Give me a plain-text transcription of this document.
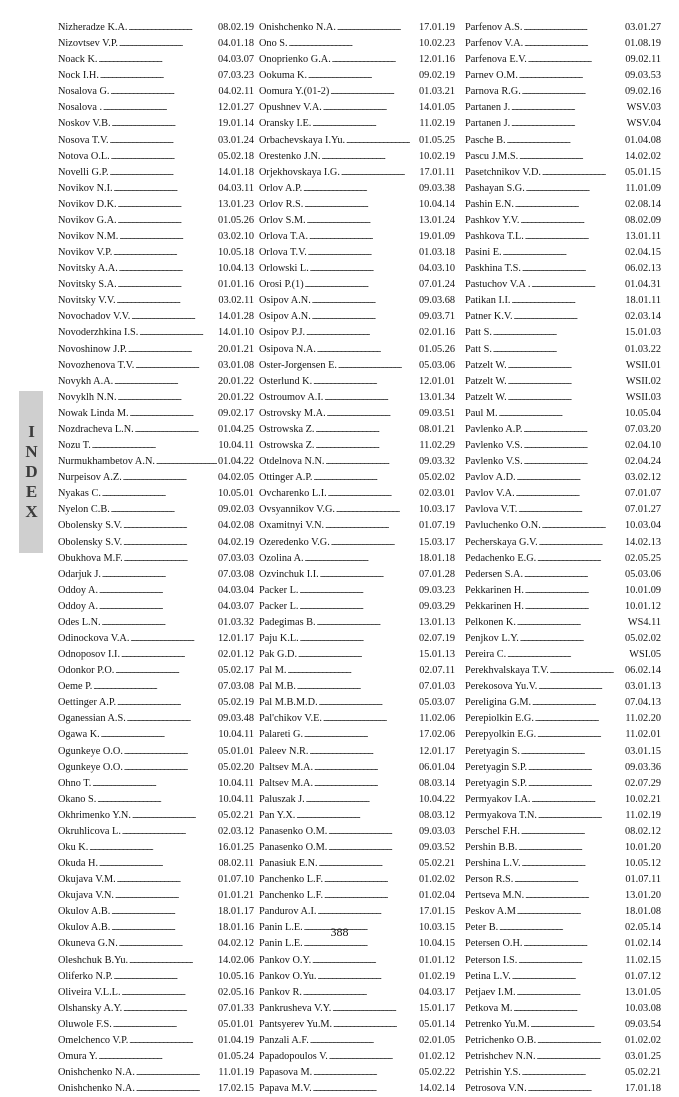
Nizheradze K.A. . . .	08.02.19
Nizovtsev V.P. . . .	04.01.18
Noack K. . . .	04.03.07
Nock I.H. . . .	07.03.23
Nosalova G. . . .	04.02.11
Nosalova . . . .	12.01.27
Noskov V.B. . . .	19.01.14
Nosova T.V. . . .	03.01.24
Notova O.L. . . .	05.02.18
Novelli G.P. . . .	14.01.18
Novikov N.I. . . .	04.03.11
Novikov D.K. . . .	13.01.23
Novikov G.A. . . .	01.05.26
Novikov N.M. . . .	03.02.10
Novikov V.P. . . .	10.05.18
Novitsky A.A. . . .	10.04.13
Novitsky S.A. . . .	01.01.16
Novitsky V.V. . . .	03.02.11
Novochadov V.V. . . .	14.01.28
Novoderzhkina I.S. . . .	14.01.10
Novoshinow J.P. . . .	20.01.21
Novozhenova T.V. . . .	03.01.08
Novykh A.A. . . .	20.01.22
Novyklh N.N. . . .	20.01.22
Nowak Linda M. . . .	09.02.17
Nozdracheva L.N. . . .	01.04.25
Nozu T. . . .	10.04.11
Nurmukhambetov A.N. . . .	01.04.22
Nurpeisov A.Z. . . .	04.02.05
Nyakas C. . . .	10.05.01
Nyelon C.B. . . .	09.02.03
Obolensky S.V. . . .	04.02.08
Obolensky S.V. . . .	04.02.19
Obukhova M.F. . . .	07.03.03
Odarjuk J. . . .	07.03.08
Oddoy A. . . .	04.03.04
Oddoy A. . . .	04.03.07
Odes L.N. . . .	01.03.32
Odinockova V.A. . . .	12.01.17
Odnoposov I.I. . . .	02.01.12
Odonkor P.O. . . .	05.02.17
Oeme P. . . .	07.03.08
Oettinger A.P. . . .	05.02.19
Oganessian A.S. . . .	09.03.48
Ogawa K. . . .	10.04.11
Ogunkeye O.O. . . .	05.01.01
Ogunkeye O.O. . . .	05.02.20
Ohno T. . . .	10.04.11
Okano S. . . .	10.04.11
Okhrimenko Y.N. . . .	05.02.21
Okruhlicova L. . . .	02.03.12
Oku K. . . .	16.01.25
Okuda H. . . .	08.02.11
Okujava V.M. . . .	01.07.10
Okujava V.N. . . .	01.01.21
Okulov A.B. . . .	18.01.17
Okulov A.B. . . .	18.01.16
Okuneva G.N. . . .	04.02.12
Oleshchuk B.Yu. . . .	14.02.06
Oliferko N.P. . . .	10.05.16
Oliveira V.L.L. . . .	02.05.16
Olshansky A.Y. . . .	07.01.33
Oluwole F.S. . . .	05.01.01
Omelchenco V.P. . . .	01.04.19
Omura Y. . . .	01.05.24
Onishchenko N.A. . . .	11.01.19
Onishchenko N.A. . . .	17.02.15
Onishchenko N.A. . . .	17.01.19
Ono S. . . .	10.02.23
Onoprienko G.A. . . .	12.01.16
Ookuma K. . . .	09.02.19
Oomura Y.(01-2) . . .	01.03.21
Opushnev V.A. . . .	14.01.05
Oransky I.E. . . .	11.02.19
Orbachevskaya I.Yu. . . .	01.05.25
Orestenko J.N. . . .	10.02.19
Orjekhovskaya I.G. . . .	17.01.11
Orlov A.P. . . .	09.03.38
Orlov R.S. . . .	10.04.14
Orlov S.M. . . .	13.01.24
Orlova T.A. . . .	19.01.09
Orlova T.V. . . .	01.03.18
Orlowski L. . . .	04.03.10
Orosi P.(1) . . .	07.01.24
Osipov A.N. . . .	09.03.68
Osipov A.N. . . .	09.03.71
Osipov P.J. . . .	02.01.16
Osipova N.A. . . .	01.05.26
Oster-Jorgensen E. . . .	05.03.06
Osterlund K. . . .	12.01.01
Ostroumov A.I. . . .	13.01.34
Ostrovsky M.A. . . .	09.03.51
Ostrowska Z. . . .	08.01.21
Ostrowska Z. . . .	11.02.29
Otdelnova N.N. . . .	09.03.32
Ottinger A.P. . . .	05.02.02
Ovcharenko L.I. . . .	02.03.01
Ovsyannikov V.G. . . .	10.03.17
Oxamitnyi V.N. . . .	01.07.19
Ozeredenko V.G. . . .	15.03.17
Ozolina A. . . .	18.01.18
Ozvinchuk I.I. . . .	07.01.28
Packer L. . . .	09.03.23
Packer L. . . .	09.03.29
Padegimas B. . . .	13.01.13
Paju K.L. . . .	02.07.19
Pak G.D. . . .	15.01.13
Pal M. . . .	02.07.11
Pal M.B. . . .	07.01.03
Pal M.B.M.D. . . .	05.03.07
Pal'chikov V.E. . . .	11.02.06
Palareti G. . . .	17.02.06
Paleev N.R. . . .	12.01.17
Paltsev M.A. . . .	06.01.04
Paltsev M.A. . . .	08.03.14
Paluszak J. . . .	10.04.22
Pan Y.X. . . .	08.03.12
Panasenko O.M. . . .	09.03.03
Panasenko O.M. . . .	09.03.52
Panasiuk E.N. . . .	05.02.21
Panchenko L.F. . . .	01.02.02
Panchenko L.F. . . .	01.02.04
Pandurov A.I. . . .	17.01.15
Panin L.E. . . .	10.03.15
Panin L.E. . . .	10.04.15
Pankov O.Y. . . .	01.01.12
Pankov O.Yu. . . .	01.02.19
Pankov R. . . .	04.03.17
Pankrusheva V.Y. . . .	15.01.17
Pantsyerev Yu.M. . . .	05.01.14
Panzali A.F. . . .	02.01.05
Papadopoulos V. . . .	01.02.12
Papasova M. . . .	05.02.22
Papava M.V. . . .	14.02.14
Parfenov A.S. . . .	03.01.27
Parfenov V.A. . . .	01.08.19
Parfenova E.V. . . .	09.02.11
Parnev O.M. . . .	09.03.53
Parnova R.G. . . .	09.02.16
Partanen J. . . .	WSV.03
Partanen J. . . .	WSV.04
Pasche B. . . .	01.04.08
Pascu J.M.S. . . .	14.02.02
Pasetchnikov V.D. . . .	05.01.15
Pashayan S.G. . . .	11.01.09
Pashin E.N. . . .	02.08.14
Pashkov Y.V. . . .	08.02.09
Pashkova T.L. . . .	13.01.11
Pasini E. . . .	02.04.15
Paskhina T.S. . . .	06.02.13
Pastuchov V.A . . . .	01.04.31
Patikan I.I. . . .	18.01.11
Patner K.V. . . .	02.03.14
Patt S. . . .	15.01.03
Patt S. . . .	01.03.22
Patzelt W. . . .	WSII.01
Patzelt W. . . .	WSII.02
Patzelt W. . . .	WSII.03
Paul M. . . .	10.05.04
Pavlenko A.P. . . .	07.03.20
Pavlenko V.S. . . .	02.04.10
Pavlenko V.S. . . .	02.04.24
Pavlov A.D. . . .	03.02.12
Pavlov V.A. . . .	07.01.07
Pavlova V.T. . . .	07.01.27
Pavluchenko O.N. . . .	10.03.04
Pecherskaya G.V. . . .	14.02.13
Pedachenko E.G. . . .	02.05.25
Pedersen S.A. . . .	05.03.06
Pekkarinen H. . . .	10.01.09
Pekkarinen H. . . .	10.01.12
Pelkonen K. . . .	WS4.11
Penjkov L.Y. . . .	05.02.02
Pereira C. . . .	WSI.05
Perekhvalskaya T.V. . . .	06.02.14
Perekosova Yu.V. . . .	03.01.13
Pereligina G.M. . . .	07.04.13
Perepiolkin E.G. . . .	11.02.20
Perepyolkin E.G. . . .	11.02.01
Peretyagin S. . . .	03.01.15
Peretyagin S.P. . . .	09.03.36
Peretyagin S.P. . . .	02.07.29
Permyakov I.A. . . .	10.02.21
Permyakova T.N. . . .	11.02.19
Perschel F.H. . . .	08.02.12
Pershin B.B. . . .	10.01.20
Pershina L.V. . . .	10.05.12
Person R.S. . . .	01.07.11
Pertseva M.N. . . .	13.01.20
Peskov A.M . . .	18.01.08
Peter B. . . .	02.05.14
Petersen O.H. . . .	01.02.14
Peterson I.S. . . .	11.02.15
Petina L.V. . . .	01.07.12
Petjaev I.M. . . .	13.01.05
Petkova M. . . .	10.03.08
Petrenko Yu.M. . . .	09.03.54
Petrichenko O.B. . . .	01.02.02
Petrishchev N.N. . . .	03.01.25
Petrishin Y.S. . . .	05.02.21
Petrosova V.N. . . .	17.01.18
INDEX
388
